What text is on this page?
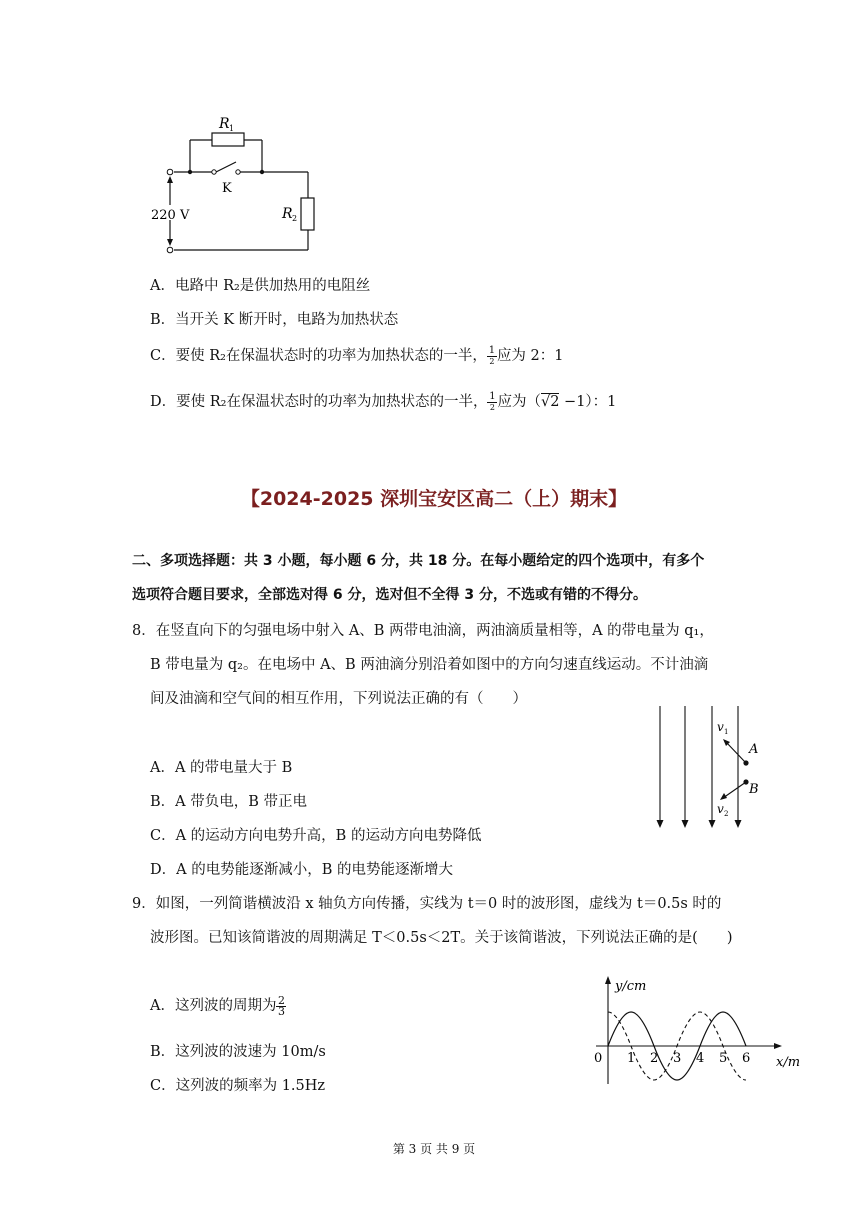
R 1
K
R 2
220 V
A．电路中 R₂是供加热用的电阻丝
B．当开关 K 断开时，电路为加热状态
C．要使 R₂在保温状态时的功率为加热状态的一半， $\frac{1}{2}$ 应为 2：1
D．要使 R₂在保温状态时的功率为加热状态的一半， $\frac{1}{2}$ 应为（√2 −1）：1
【2024-2025 深圳宝安区高二（上）期末】
二、多项选择题：共 3 小题，每小题 6 分，共 18 分。在每小题给定的四个选项中，有多个
选项符合题目要求，全部选对得 6 分，选对但不全得 3 分，不选或有错的不得分。
8．在竖直向下的匀强电场中射入 A、B 两带电油滴，两油滴质量相等，A 的带电量为 q₁，
B 带电量为 q₂。在电场中 A、B 两油滴分别沿着如图中的方向匀速直线运动。不计油滴
间及油滴和空气间的相互作用，下列说法正确的有（　　）
A．A 的带电量大于 B
B．A 带负电，B 带正电
C．A 的运动方向电势升高，B 的运动方向电势降低
D．A 的电势能逐渐减小，B 的电势能逐渐增大
A
B
v 1
v 2
9．如图，一列简谐横波沿 x 轴负方向传播，实线为 t＝0 时的波形图，虚线为 t＝0.5s 时的
波形图。已知该简谐波的周期满足 T＜0.5s＜2T。关于该简谐波，下列说法正确的是(　　)
A．这列波的周期为 $\frac{2}{3}$
B．这列波的波速为 10m/s
C．这列波的频率为 1.5Hz
y/cm
x/m
0 1 2 3 4 5 6
第 3 页 共 9 页
